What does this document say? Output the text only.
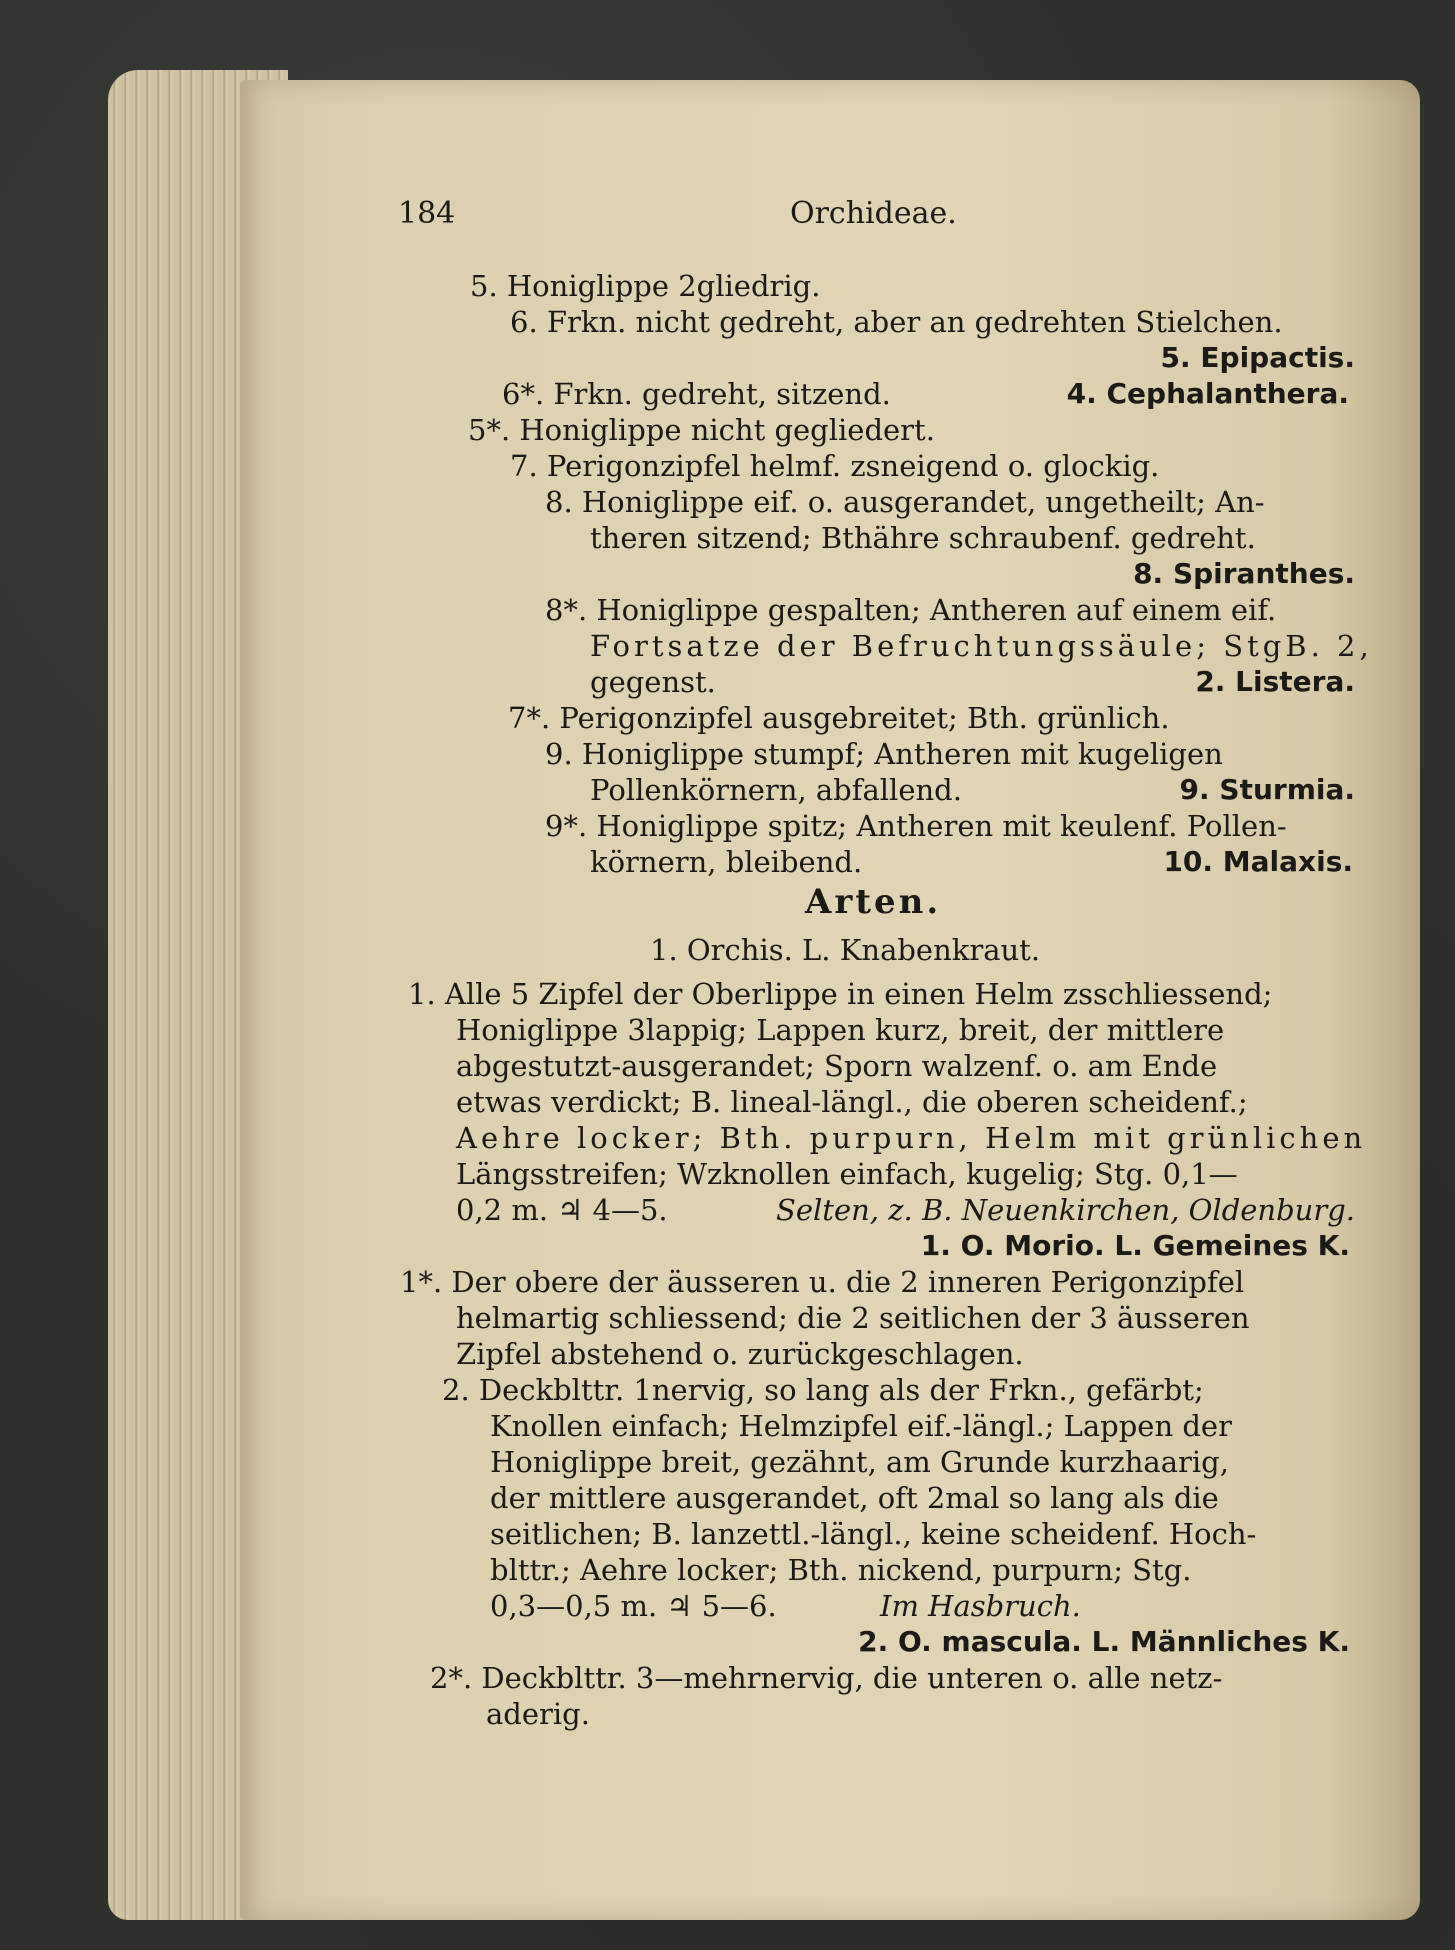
184	Orchideae.
5. Honiglippe 2gliedrig.
6. Frkn. nicht gedreht, aber an gedrehten Stielchen.
5. Epipactis.
6*. Frkn. gedreht, sitzend.	4. Cephalanthera.
5*. Honiglippe nicht gegliedert.
7. Perigonzipfel helmf. zsneigend o. glockig.
8. Honiglippe eif. o. ausgerandet, ungetheilt; An-
theren sitzend; Bthähre schraubenf. gedreht.
8. Spiranthes.
8*. Honiglippe gespalten; Antheren auf einem eif.
Fortsatze der Befruchtungssäule; StgB. 2,
gegenst.	2. Listera.
7*. Perigonzipfel ausgebreitet; Bth. grünlich.
9. Honiglippe stumpf; Antheren mit kugeligen
Pollenkörnern, abfallend.	9. Sturmia.
9*. Honiglippe spitz; Antheren mit keulenf. Pollen-
körnern, bleibend.	10. Malaxis.
Arten.
1. Orchis. L. Knabenkraut.
1. Alle 5 Zipfel der Oberlippe in einen Helm zsschliessend;
Honiglippe 3lappig; Lappen kurz, breit, der mittlere
abgestutzt-ausgerandet; Sporn walzenf. o. am Ende
etwas verdickt; B. lineal-längl., die oberen scheidenf.;
Aehre locker; Bth. purpurn, Helm mit grünlichen
Längsstreifen; Wzknollen einfach, kugelig; Stg. 0,1—
0,2 m. ♃ 4—5.	Selten, z. B. Neuenkirchen, Oldenburg.
1. O. Morio. L. Gemeines K.
1*. Der obere der äusseren u. die 2 inneren Perigonzipfel
helmartig schliessend; die 2 seitlichen der 3 äusseren
Zipfel abstehend o. zurückgeschlagen.
2. Deckblttr. 1nervig, so lang als der Frkn., gefärbt;
Knollen einfach; Helmzipfel eif.-längl.; Lappen der
Honiglippe breit, gezähnt, am Grunde kurzhaarig,
der mittlere ausgerandet, oft 2mal so lang als die
seitlichen; B. lanzettl.-längl., keine scheidenf. Hoch-
blttr.; Aehre locker; Bth. nickend, purpurn; Stg.
0,3—0,5 m. ♃ 5—6.	Im Hasbruch.
2. O. mascula. L. Männliches K.
2*. Deckblttr. 3—mehrnervig, die unteren o. alle netz-
aderig.
